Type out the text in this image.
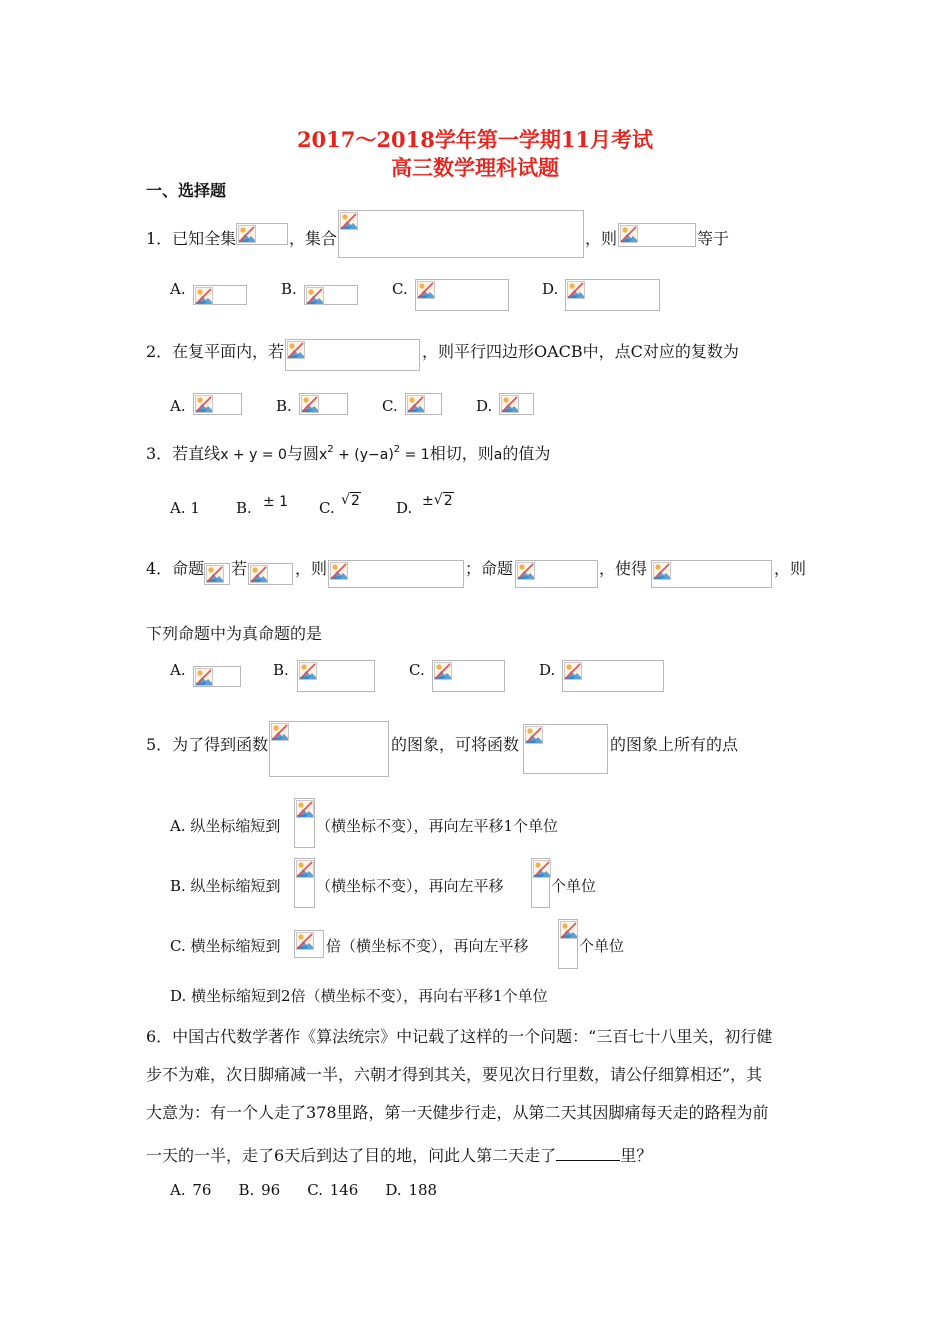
2017～2018学年第一学期11月考试
高三数学理科试题
一、选择题
1．已知全集	，集合	，则	等于
A.	B.	C.	D.
2．在复平面内，若	，则平行四边形OACB中，点C对应的复数为
A.	B.	C.	D.
3．若直线x + y = 0与圆$x^2 + (y-a)^2 = 1$相切，则a的值为
A. 1 B. ± 1 C. √ 2 D. ± √ 2
4．命题 若	，则	；命题	，使得	，则
下列命题中为真命题的是
A.	B.	C.	D.
5．为了得到函数	的图象，可将函数	的图象上所有的点
A. 纵坐标缩短到 （横坐标不变），再向左平移1个单位
B. 纵坐标缩短到 （横坐标不变），再向左平移	个单位
C. 横坐标缩短到	倍（横坐标不变），再向左平移	个单位
D. 横坐标缩短到2倍（横坐标不变），再向右平移1个单位
6．中国古代数学著作《算法统宗》中记载了这样的一个问题：“三百七十八里关，初行健
步不为难，次日脚痛减一半，六朝才得到其关，要见次日行里数，请公仔细算相还”，其
大意为：有一个人走了378里路，第一天健步行走，从第二天其因脚痛每天走的路程为前
一天的一半，走了6天后到达了目的地，问此人第二天走了	里？
A. 76    B. 96    C. 146    D. 188
